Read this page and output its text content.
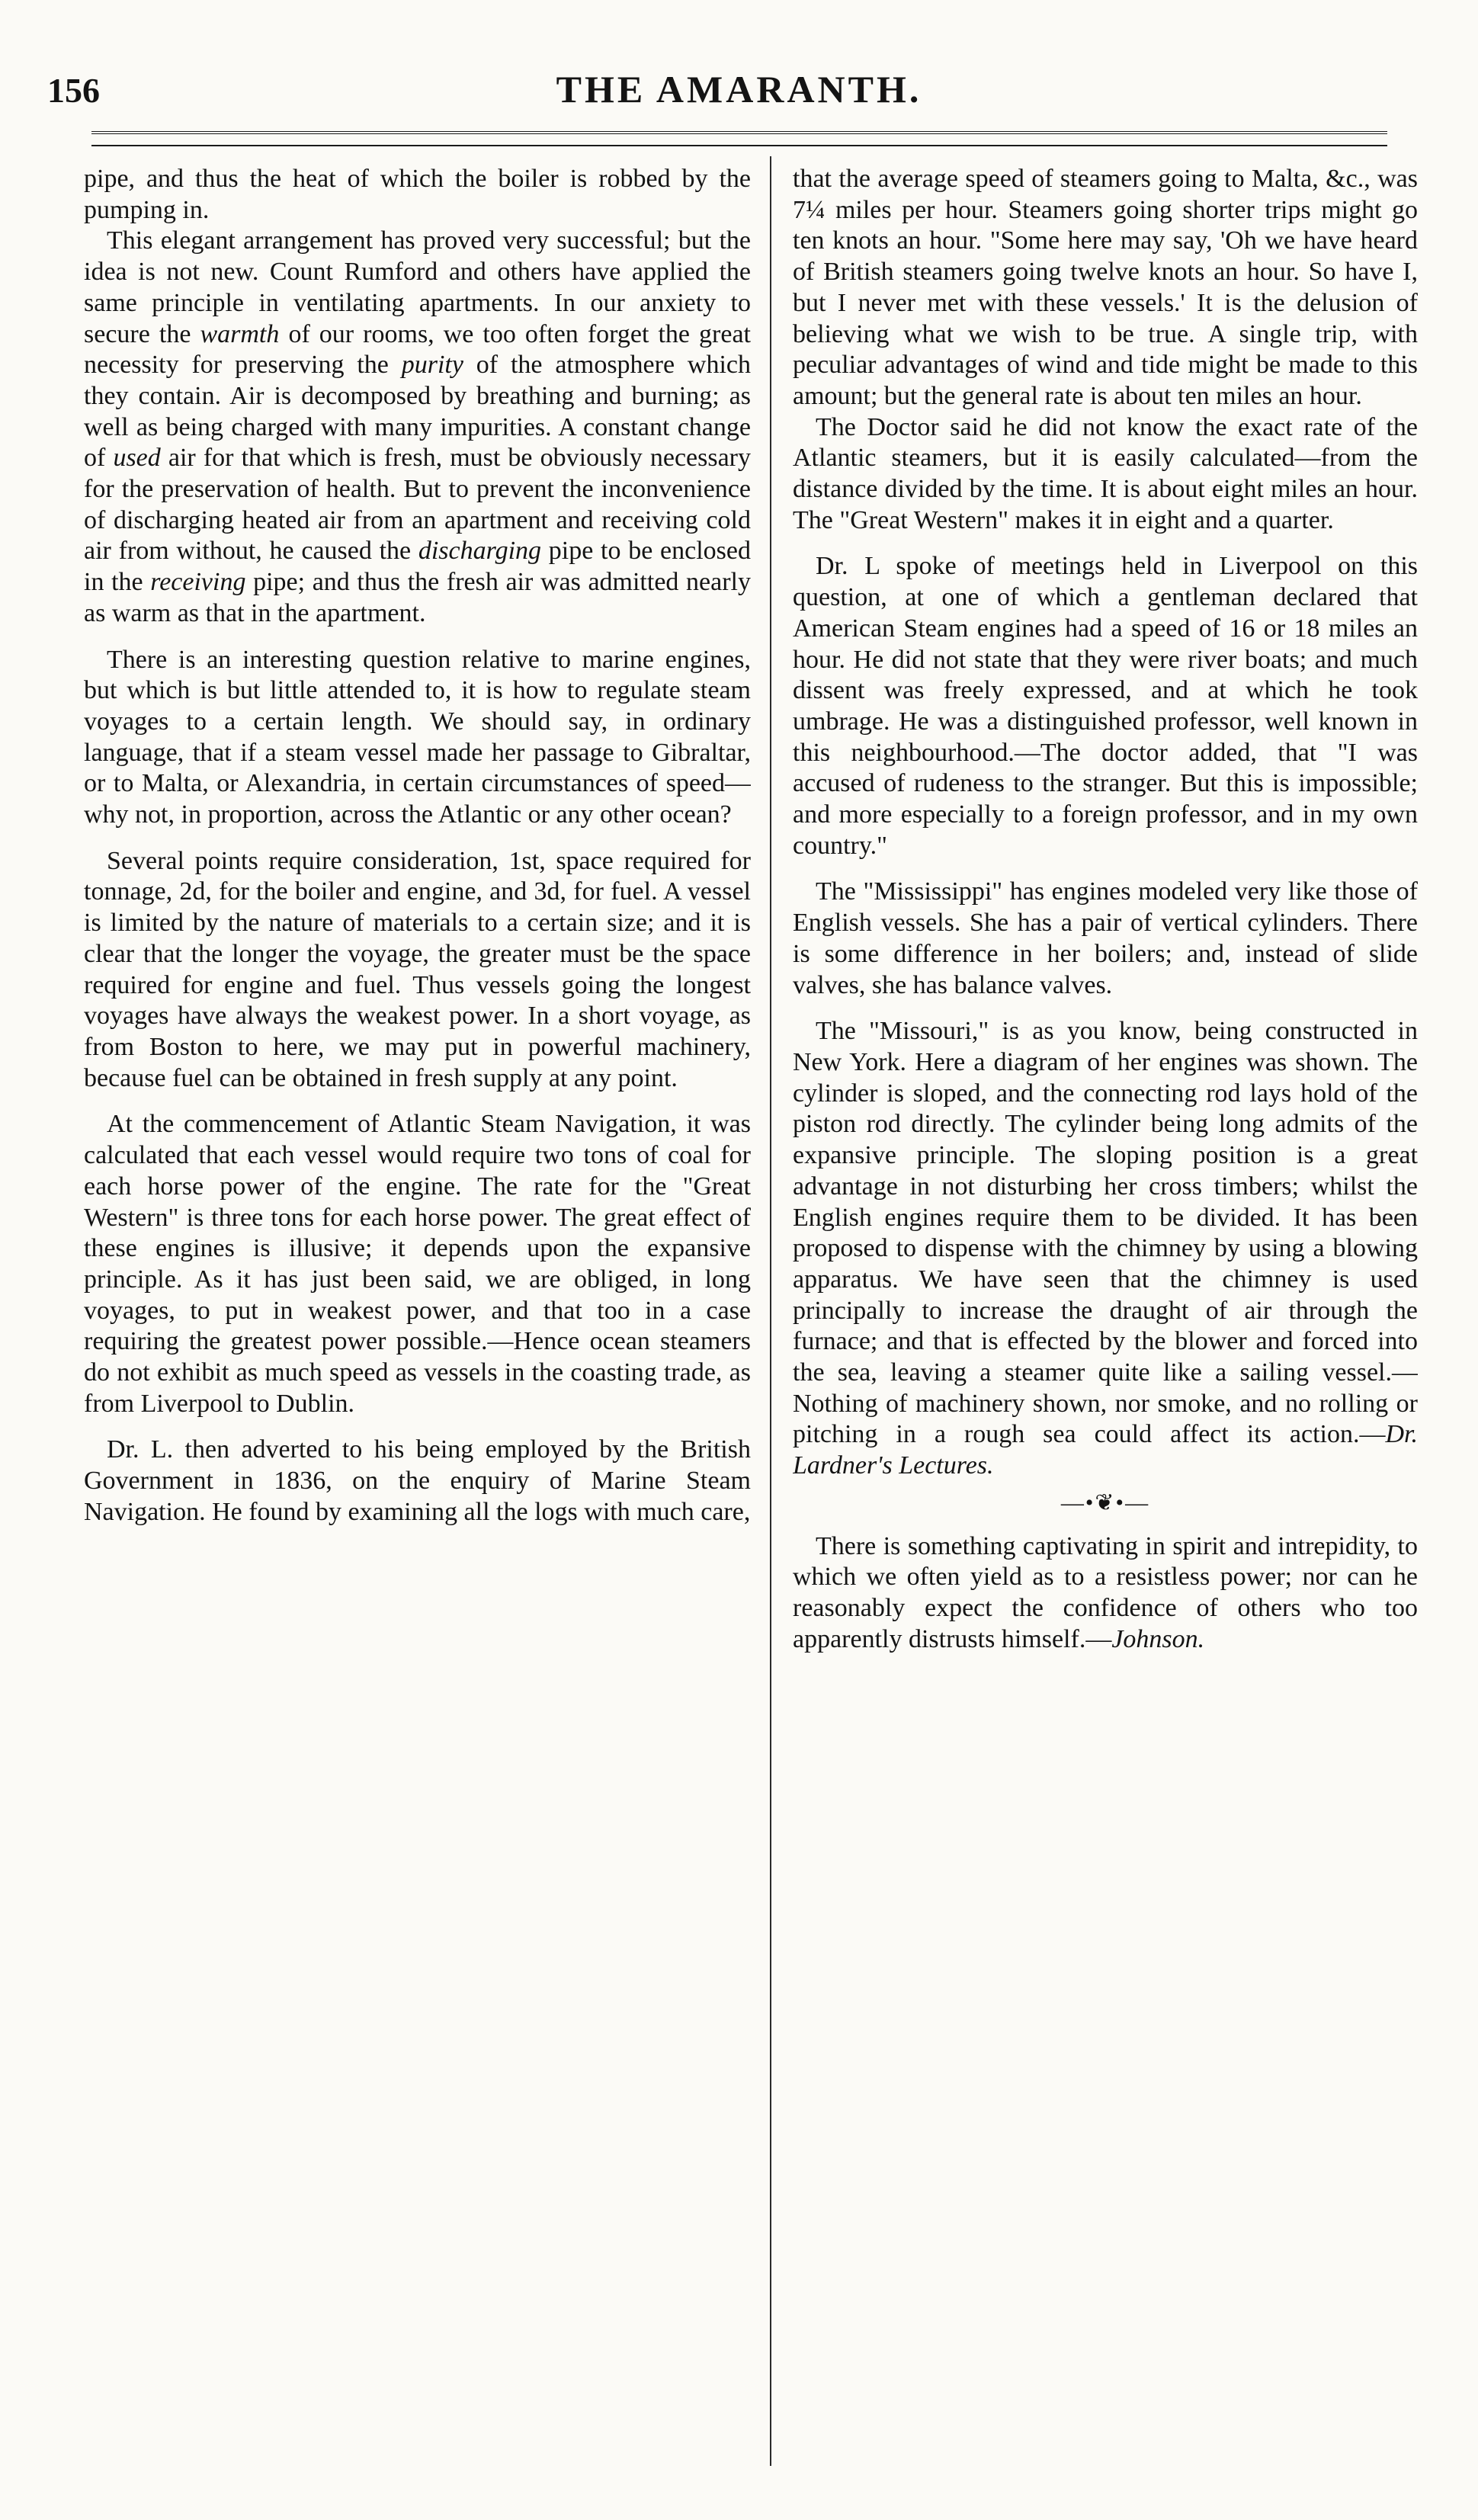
156	THE AMARANTH.

pipe, and thus the heat of which the boiler is robbed by the pumping in.

This elegant arrangement has proved very successful; but the idea is not new. Count Rumford and others have applied the same principle in ventilating apartments. In our anxiety to secure the warmth of our rooms, we too often forget the great necessity for preserving the purity of the atmosphere which they contain. Air is decomposed by breathing and burning; as well as being charged with many impurities. A constant change of used air for that which is fresh, must be obviously necessary for the preservation of health. But to prevent the inconvenience of discharging heated air from an apartment and receiving cold air from without, he caused the discharging pipe to be enclosed in the receiving pipe; and thus the fresh air was admitted nearly as warm as that in the apartment.

There is an interesting question relative to marine engines, but which is but little attended to, it is how to regulate steam voyages to a certain length. We should say, in ordinary language, that if a steam vessel made her passage to Gibraltar, or to Malta, or Alexandria, in certain circumstances of speed—why not, in proportion, across the Atlantic or any other ocean?

Several points require consideration, 1st, space required for tonnage, 2d, for the boiler and engine, and 3d, for fuel. A vessel is limited by the nature of materials to a certain size; and it is clear that the longer the voyage, the greater must be the space required for engine and fuel. Thus vessels going the longest voyages have always the weakest power. In a short voyage, as from Boston to here, we may put in powerful machinery, because fuel can be obtained in fresh supply at any point.

At the commencement of Atlantic Steam Navigation, it was calculated that each vessel would require two tons of coal for each horse power of the engine. The rate for the "Great Western" is three tons for each horse power. The great effect of these engines is illusive; it depends upon the expansive principle. As it has just been said, we are obliged, in long voyages, to put in weakest power, and that too in a case requiring the greatest power possible.—Hence ocean steamers do not exhibit as much speed as vessels in the coasting trade, as from Liverpool to Dublin.

Dr. L. then adverted to his being employed by the British Government in 1836, on the enquiry of Marine Steam Navigation. He found by examining all the logs with much care,

that the average speed of steamers going to Malta, &c., was 7¼ miles per hour. Steamers going shorter trips might go ten knots an hour. "Some here may say, 'Oh we have heard of British steamers going twelve knots an hour. So have I, but I never met with these vessels.' It is the delusion of believing what we wish to be true. A single trip, with peculiar advantages of wind and tide might be made to this amount; but the general rate is about ten miles an hour.

The Doctor said he did not know the exact rate of the Atlantic steamers, but it is easily calculated—from the distance divided by the time. It is about eight miles an hour. The "Great Western" makes it in eight and a quarter.

Dr. L spoke of meetings held in Liverpool on this question, at one of which a gentleman declared that American Steam engines had a speed of 16 or 18 miles an hour. He did not state that they were river boats; and much dissent was freely expressed, and at which he took umbrage. He was a distinguished professor, well known in this neighbourhood.—The doctor added, that "I was accused of rudeness to the stranger. But this is impossible; and more especially to a foreign professor, and in my own country."

The "Mississippi" has engines modeled very like those of English vessels. She has a pair of vertical cylinders. There is some difference in her boilers; and, instead of slide valves, she has balance valves.

The "Missouri," is as you know, being constructed in New York. Here a diagram of her engines was shown. The cylinder is sloped, and the connecting rod lays hold of the piston rod directly. The cylinder being long admits of the expansive principle. The sloping position is a great advantage in not disturbing her cross timbers; whilst the English engines require them to be divided. It has been proposed to dispense with the chimney by using a blowing apparatus. We have seen that the chimney is used principally to increase the draught of air through the furnace; and that is effected by the blower and forced into the sea, leaving a steamer quite like a sailing vessel.—Nothing of machinery shown, nor smoke, and no rolling or pitching in a rough sea could affect its action.—Dr. Lardner's Lectures.

—•❦•—

There is something captivating in spirit and intrepidity, to which we often yield as to a resistless power; nor can he reasonably expect the confidence of others who too apparently distrusts himself.—Johnson.
